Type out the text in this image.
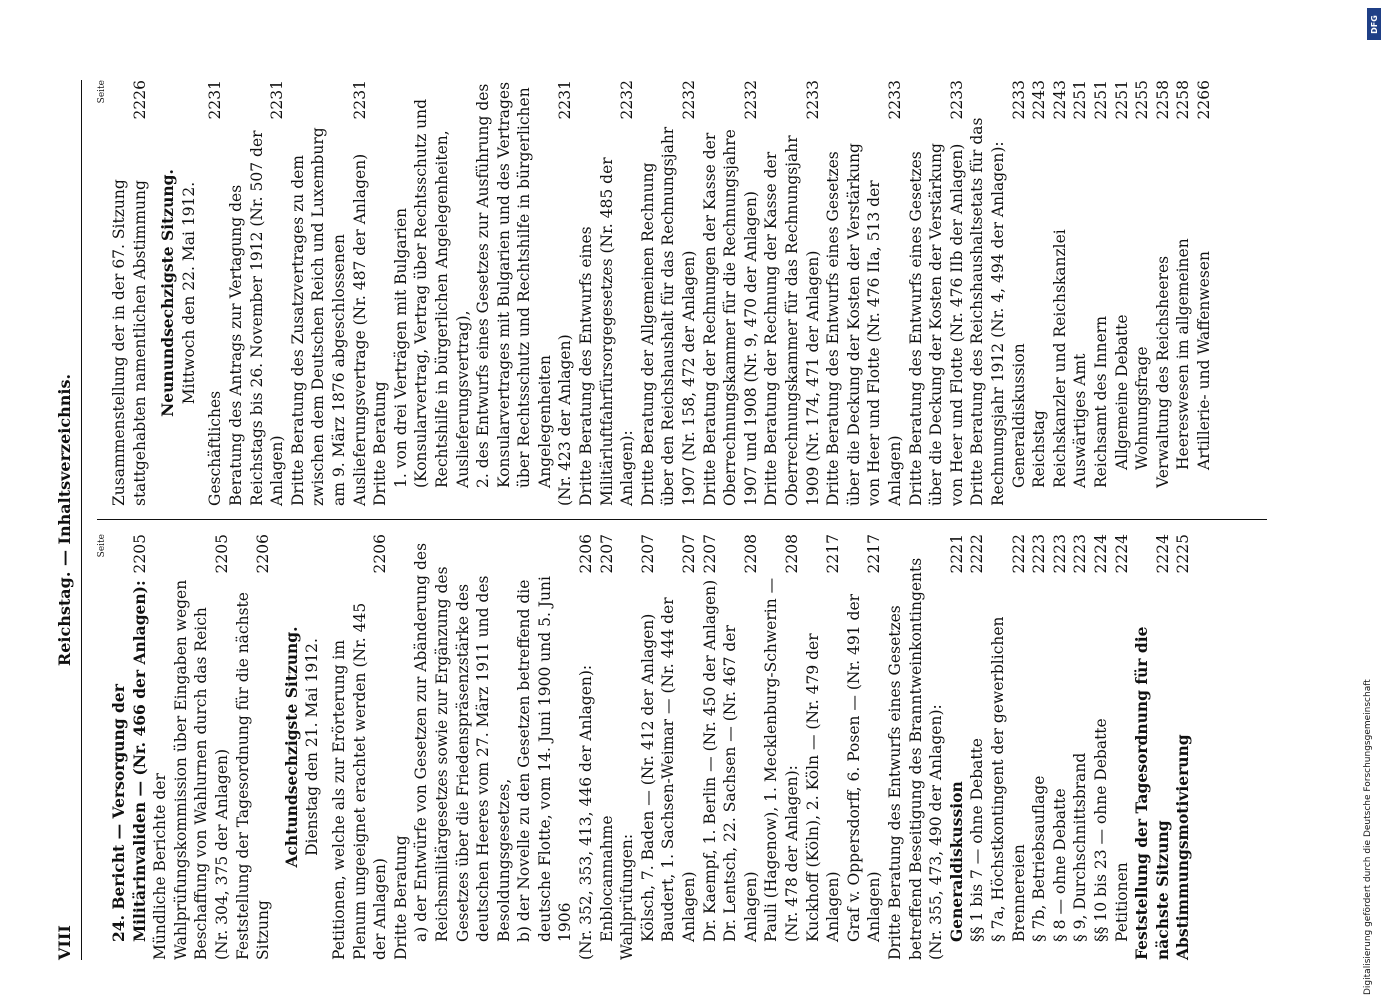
VIII
Reichstag. — Inhaltsverzeichnis.	Seite
24. Bericht — Versorgung der Militärinvaliden — (Nr. 466 der Anlagen):
2205
Mündliche Berichte der Wahlprüfungskommission über Eingaben wegen Beschaffung von Wahlurnen durch das Reich (Nr. 304, 375 der Anlagen)
2205
Feststellung der Tagesordnung für die nächste Sitzung
2206
Achtundsechzigste Sitzung. Dienstag den 21. Mai 1912. Petitionen, welche als zur Erörterung im Plenum ungeeignet erachtet werden (Nr. 445 der Anlagen)
2206
Dritte Beratung a) der Entwürfe von Gesetzen zur Abänderung des Reichsmilitärgesetzes sowie zur Ergänzung des Gesetzes über die Friedenspräsenzstärke des deutschen Heeres vom 27. März 1911 und des Besoldungsgesetzes, b) der Novelle zu den Gesetzen betreffend die deutsche Flotte, vom 14. Juni 1900 und 5. Juni 1906 (Nr. 352, 353, 413, 446 der Anlagen):
2206
Enblocannahme
2207
Wahlprüfungen: Kölsch, 7. Baden — (Nr. 412 der Anlagen)
2207
Baudert, 1. Sachsen-Weimar — (Nr. 444 der Anlagen)
2207
Dr. Kaempf, 1. Berlin — (Nr. 450 der Anlagen)
2207
Dr. Lentsch, 22. Sachsen — (Nr. 467 der Anlagen)
2208
Pauli (Hagenow), 1. Mecklenburg-Schwerin — (Nr. 478 der Anlagen):
2208
Kuckhoff (Köln), 2. Köln — (Nr. 479 der Anlagen)
2217
Graf v. Oppersdorff, 6. Posen — (Nr. 491 der Anlagen)
2217
Dritte Beratung des Entwurfs eines Gesetzes betreffend Beseitigung des Branntweinkontingents (Nr. 355, 473, 490 der Anlagen): Generaldiskussion
2221
§§ 1 bis 7 — ohne Debatte
2222
§ 7a, Höchstkontingent der gewerblichen Brennereien
2222
§ 7b, Betriebsauflage
2223
§ 8 — ohne Debatte
2223
§ 9, Durchschnittsbrand
2223
§§ 10 bis 23 — ohne Debatte
2224
Petitionen
2224
Feststellung der Tagesordnung für die nächste Sitzung
2224
Abstimmungsmotivierung
2225
Seite
Zusammenstellung der in der 67. Sitzung stattgehabten namentlichen Abstimmung
2226
Neunundsechzigste Sitzung. Mittwoch den 22. Mai 1912.
Geschäftliches
2231
Beratung des Antrags zur Vertagung des Reichstags bis 26. November 1912 (Nr. 507 der Anlagen)
2231
Dritte Beratung des Zusatzvertrages zu dem zwischen dem Deutschen Reich und Luxemburg am 9. März 1876 abgeschlossenen Auslieferungsvertrage (Nr. 487 der Anlagen)
2231
Dritte Beratung 1. von drei Verträgen mit Bulgarien (Konsularvertrag, Vertrag über Rechtsschutz und Rechtshilfe in bürgerlichen Angelegenheiten, Auslieferungsvertrag), 2. des Entwurfs eines Gesetzes zur Ausführung des Konsularvertrages mit Bulgarien und des Vertrages über Rechtsschutz und Rechtshilfe in bürgerlichen Angelegenheiten (Nr. 423 der Anlagen)
2231
Dritte Beratung des Entwurfs eines Militärluftfahrfürsorgegesetzes (Nr. 485 der Anlagen):
2232
Dritte Beratung der Allgemeinen Rechnung über den Reichshaushalt für das Rechnungsjahr 1907 (Nr. 158, 472 der Anlagen)
2232
Dritte Beratung der Rechnungen der Kasse der Oberrechnungskammer für die Rechnungsjahre 1907 und 1908 (Nr. 9, 470 der Anlagen)
2232
Dritte Beratung der Rechnung der Kasse der Oberrechnungskammer für das Rechnungsjahr 1909 (Nr. 174, 471 der Anlagen)
2233
Dritte Beratung des Entwurfs eines Gesetzes über die Deckung der Kosten der Verstärkung von Heer und Flotte (Nr. 476 IIa, 513 der Anlagen)
2233
Dritte Beratung des Entwurfs eines Gesetzes über die Deckung der Kosten der Verstärkung von Heer und Flotte (Nr. 476 IIb der Anlagen)
2233
Dritte Beratung des Reichshaushaltsetats für das Rechnungsjahr 1912 (Nr. 4, 494 der Anlagen): Generaldiskussion
2233
Reichstag
2243
Reichskanzler und Reichskanzlei
2243
Auswärtiges Amt
2251
Reichsamt des Innern
2251
Allgemeine Debatte
2251
Wohnungsfrage
2255
Verwaltung des Reichsheeres
2258
Heereswesen im allgemeinen
2258
Artillerie- und Waffenwesen
2266
Digitalisierung gefördert durch die Deutsche Forschungsgemeinschaft
DFG
